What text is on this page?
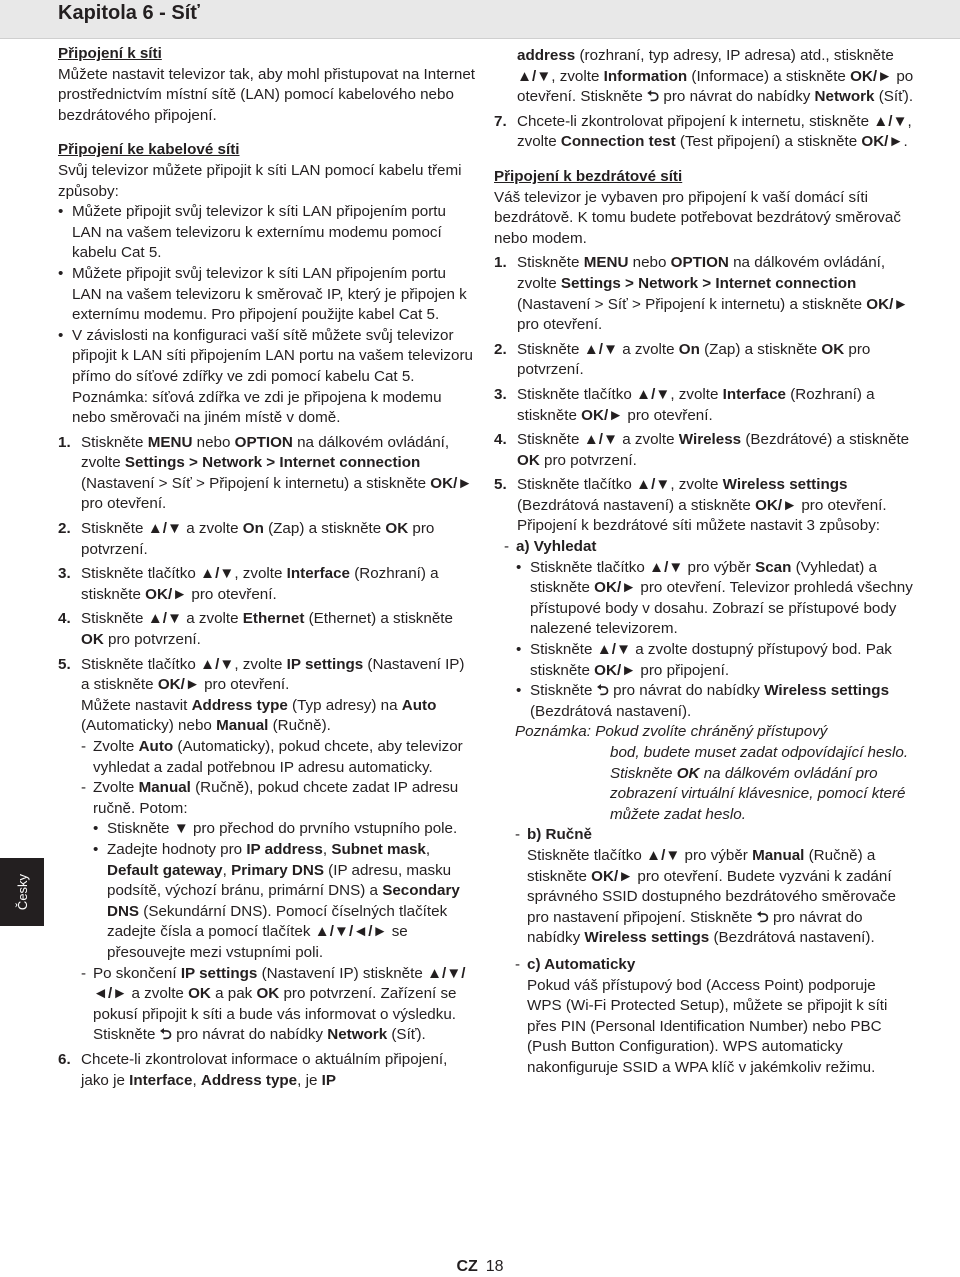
Kapitola 6 - Síť

Připojení k síti

Můžete nastavit televizor tak, aby mohl přistupovat na Internet prostřednictvím místní sítě (LAN) pomocí kabelového nebo bezdrátového připojení.

Připojení ke kabelové síti

Svůj televizor můžete připojit k síti LAN pomocí kabelu třemi způsoby:

• Můžete připojit svůj televizor k síti LAN připojením portu LAN na vašem televizoru k externímu modemu pomocí kabelu Cat 5.

• Můžete připojit svůj televizor k síti LAN připojením portu LAN na vašem televizoru k směrovač IP, který je připojen k externímu modemu. Pro připojení použijte kabel Cat 5.

• V závislosti na konfiguraci vaší sítě můžete svůj televizor připojit k LAN síti připojením LAN portu na vašem televizoru přímo do síťové zdířky ve zdi pomocí kabelu Cat 5. Poznámka: síťová zdířka ve zdi je připojena k modemu nebo směrovači na jiném místě v domě.

1. Stiskněte MENU nebo OPTION na dálkovém ovládání, zvolte Settings > Network > Internet connection (Nastavení > Síť > Připojení k internetu) a stiskněte OK/► pro otevření.
2. Stiskněte ▲/▼ a zvolte On (Zap) a stiskněte OK pro potvrzení.
3. Stiskněte tlačítko ▲/▼, zvolte Interface (Rozhraní) a stiskněte OK/► pro otevření.
4. Stiskněte ▲/▼ a zvolte Ethernet (Ethernet) a stiskněte OK pro potvrzení.
5. Stiskněte tlačítko ▲/▼, zvolte IP settings (Nastavení IP) a stiskněte OK/► pro otevření.

Můžete nastavit Address type (Typ adresy) na Auto (Automaticky) nebo Manual (Ručně).

- Zvolte Auto (Automaticky), pokud chcete, aby televizor vyhledat a zadal potřebnou IP adresu automaticky.
- Zvolte Manual (Ručně), pokud chcete zadat IP adresu ručně. Potom:

• Stiskněte ▼ pro přechod do prvního vstupního pole.

• Zadejte hodnoty pro IP address, Subnet mask, Default gateway, Primary DNS (IP adresu, masku podsítě, výchozí bránu, primární DNS) a Secondary DNS (Sekundární DNS). Pomocí číselných tlačítek zadejte čísla a pomocí tlačítek ▲/▼/◄/► se přesouvejte mezi vstupními poli.

- Po skončení IP settings (Nastavení IP) stiskněte ▲/▼/◄/► a zvolte OK a pak OK pro potvrzení. Zařízení se pokusí připojit k síti a bude vás informovat o výsledku. Stiskněte ⮌ pro návrat do nabídky Network (Síť).
6. Chcete-li zkontrolovat informace o aktuálním připojení, jako je Interface, Address type, je IP

address (rozhraní, typ adresy, IP adresa) atd., stiskněte ▲/▼, zvolte Information (Informace) a stiskněte OK/► po otevření. Stiskněte ⮌ pro návrat do nabídky Network (Síť).

7. Chcete-li zkontrolovat připojení k internetu, stiskněte ▲/▼, zvolte Connection test (Test připojení) a stiskněte OK/►.

Připojení k bezdrátové síti

Váš televizor je vybaven pro připojení k vaší domácí síti bezdrátově. K tomu budete potřebovat bezdrátový směrovač nebo modem.

1. Stiskněte MENU nebo OPTION na dálkovém ovládání, zvolte Settings > Network > Internet connection (Nastavení > Síť > Připojení k internetu) a stiskněte OK/► pro otevření.
2. Stiskněte ▲/▼ a zvolte On (Zap) a stiskněte OK pro potvrzení.
3. Stiskněte tlačítko ▲/▼, zvolte Interface (Rozhraní) a stiskněte OK/► pro otevření.
4. Stiskněte ▲/▼ a zvolte Wireless (Bezdrátové) a stiskněte OK pro potvrzení.
5. Stiskněte tlačítko ▲/▼, zvolte Wireless settings (Bezdrátová nastavení) a stiskněte OK/► pro otevření. Připojení k bezdrátové síti můžete nastavit 3 způsoby:
- a) Vyhledat

• Stiskněte tlačítko ▲/▼ pro výběr Scan (Vyhledat) a stiskněte OK/► pro otevření. Televizor prohledá všechny přístupové body v dosahu. Zobrazí se přístupové body nalezené televizorem.

• Stiskněte ▲/▼ a zvolte dostupný přístupový bod. Pak stiskněte OK/► pro připojení.

• Stiskněte ⮌ pro návrat do nabídky Wireless settings (Bezdrátová nastavení).

Poznámka: Pokud zvolíte chráněný přístupový

bod, budete muset zadat odpovídající heslo. Stiskněte OK na dálkovém ovládání pro zobrazení virtuální klávesnice, pomocí které můžete zadat heslo.

- b) Ručně

Stiskněte tlačítko ▲/▼ pro výběr Manual (Ručně) a stiskněte OK/► pro otevření. Budete vyzváni k zadání správného SSID dostupného bezdrátového směrovače pro nastavení připojení. Stiskněte ⮌ pro návrat do nabídky Wireless settings (Bezdrátová nastavení).

- c) Automaticky

Pokud váš přístupový bod (Access Point) podporuje WPS (Wi-Fi Protected Setup), můžete se připojit k síti přes PIN (Personal Identification Number) nebo PBC (Push Button Configuration). WPS automaticky nakonfiguruje SSID a WPA klíč v jakémkoliv režimu.

Česky
CZ 18
